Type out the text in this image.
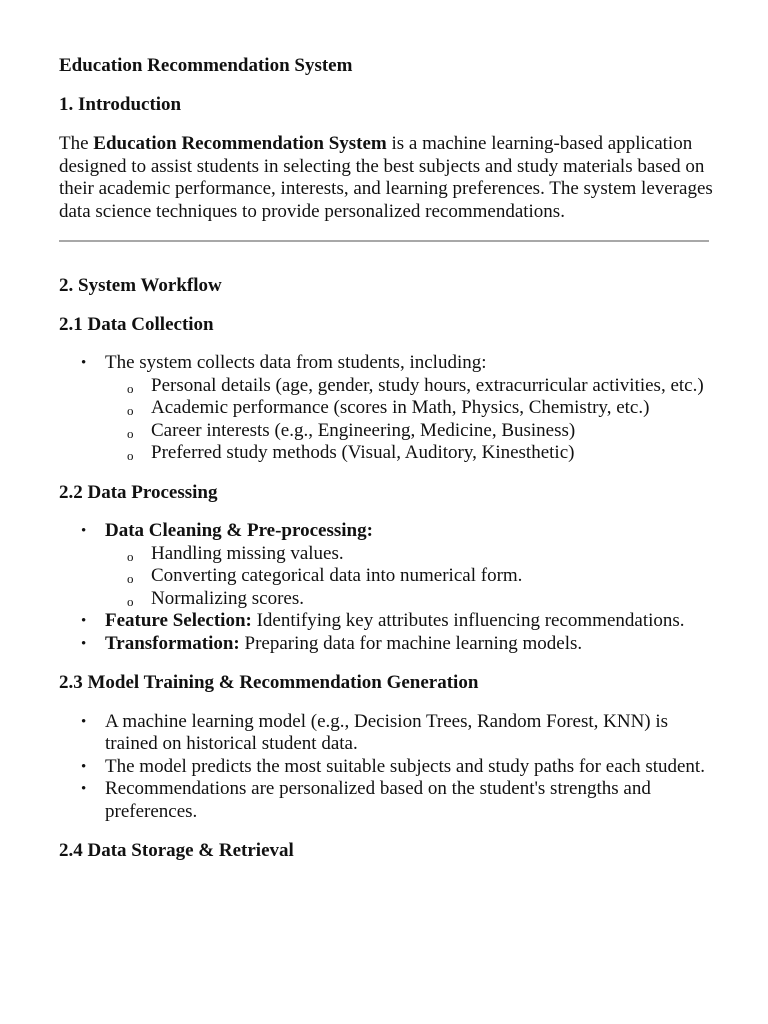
Education Recommendation System
1. Introduction

The Education Recommendation System is a machine learning-based application designed to assist students in selecting the best subjects and study materials based on their academic performance, interests, and learning preferences. The system leverages data science techniques to provide personalized recommendations.

2. System Workflow
2.1 Data Collection
• The system collects data from students, including:
o Personal details (age, gender, study hours, extracurricular activities, etc.)
o Academic performance (scores in Math, Physics, Chemistry, etc.)
o Career interests (e.g., Engineering, Medicine, Business)
o Preferred study methods (Visual, Auditory, Kinesthetic)
2.2 Data Processing
• Data Cleaning & Pre-processing:
o Handling missing values.
o Converting categorical data into numerical form.
o Normalizing scores.
• Feature Selection: Identifying key attributes influencing recommendations.
• Transformation: Preparing data for machine learning models.
2.3 Model Training & Recommendation Generation
• A machine learning model (e.g., Decision Trees, Random Forest, KNN) is trained on historical student data.
• The model predicts the most suitable subjects and study paths for each student.
• Recommendations are personalized based on the student's strengths and preferences.
2.4 Data Storage & Retrieval
